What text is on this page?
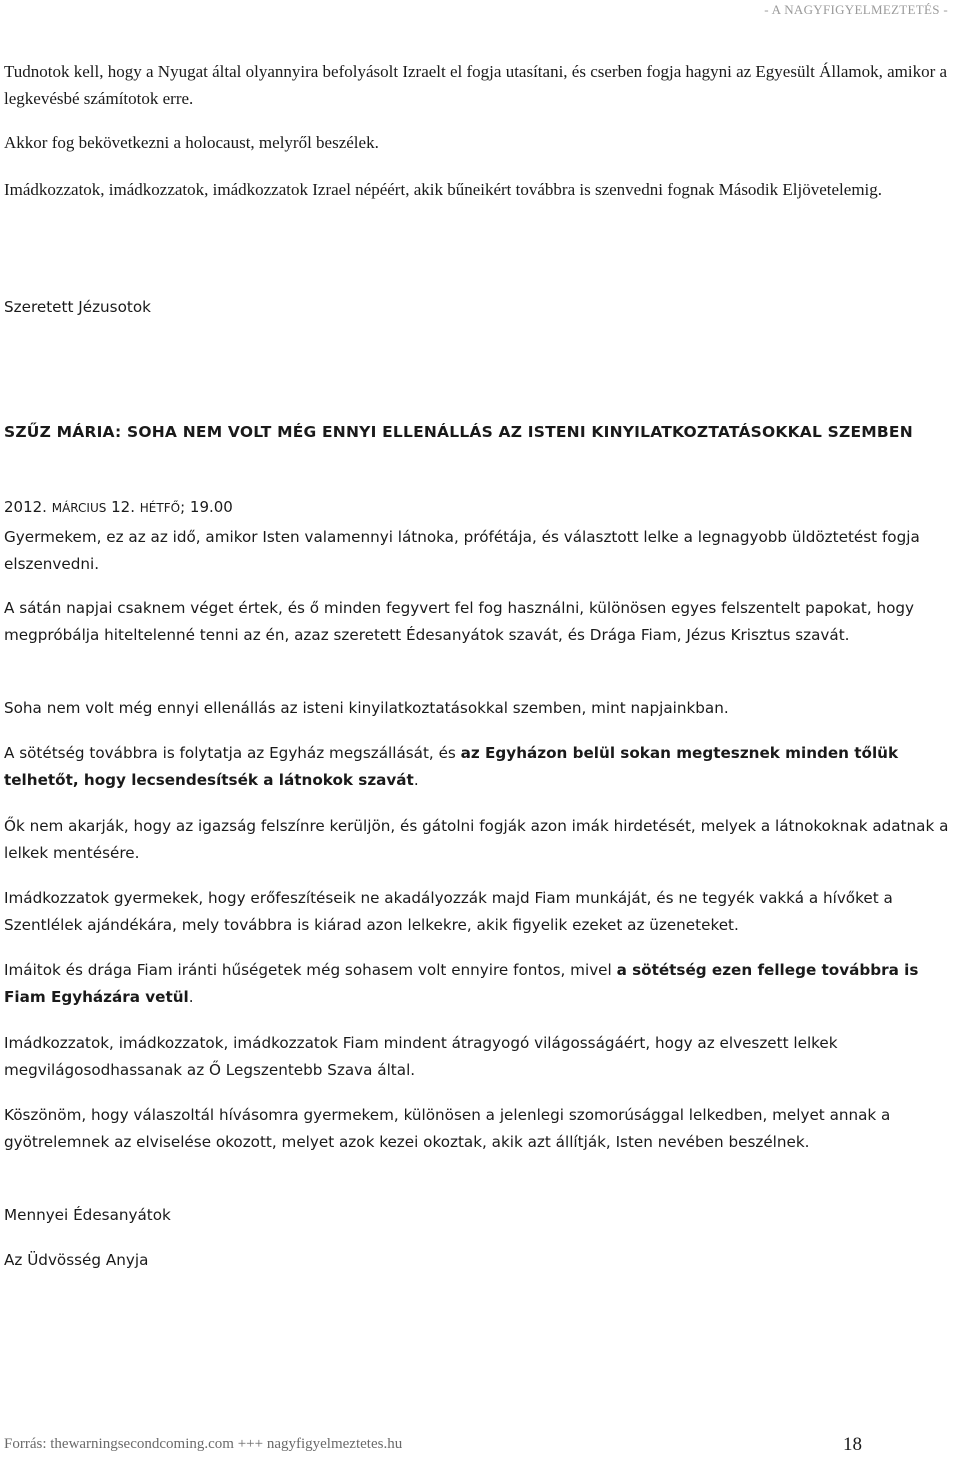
- A NAGYFIGYELMEZTETÉS -

Tudnotok kell, hogy a Nyugat által olyannyira befolyásolt Izraelt el fogja utasítani, és cserben fogja hagyni az Egyesült Államok, amikor a legkevésbé számítotok erre.

Akkor fog bekövetkezni a holocaust, melyről beszélek.

Imádkozzatok, imádkozzatok, imádkozzatok Izrael népéért, akik bűneikért továbbra is szenvedni fognak Második Eljövetelemig.

Szeretett Jézusotok

SZŰZ MÁRIA: SOHA NEM VOLT MÉG ENNYI ELLENÁLLÁS AZ ISTENI KINYILATKOZTATÁSOKKAL SZEMBEN
2012. MÁRCIUS 12. HÉTFŐ; 19.00

Gyermekem, ez az az idő, amikor Isten valamennyi látnoka, prófétája, és választott lelke a legnagyobb üldöztetést fogja elszenvedni.

A sátán napjai csaknem véget értek, és ő minden fegyvert fel fog használni, különösen egyes felszentelt papokat, hogy megpróbálja hiteltelenné tenni az én, azaz szeretett Édesanyátok szavát, és Drága Fiam, Jézus Krisztus szavát.

Soha nem volt még ennyi ellenállás az isteni kinyilatkoztatásokkal szemben, mint napjainkban.

A sötétség továbbra is folytatja az Egyház megszállását, és az Egyházon belül sokan megtesznek minden tőlük telhetőt, hogy lecsendesítsék a látnokok szavát.

Ők nem akarják, hogy az igazság felszínre kerüljön, és gátolni fogják azon imák hirdetését, melyek a látnokoknak adatnak a lelkek mentésére.

Imádkozzatok gyermekek, hogy erőfeszítéseik ne akadályozzák majd Fiam munkáját, és ne tegyék vakká a hívőket a Szentlélek ajándékára, mely továbbra is kiárad azon lelkekre, akik figyelik ezeket az üzeneteket.

Imáitok és drága Fiam iránti hűségetek még sohasem volt ennyire fontos, mivel a sötétség ezen fellege továbbra is Fiam Egyházára vetül.

Imádkozzatok, imádkozzatok, imádkozzatok Fiam mindent átragyogó világosságáért, hogy az elveszett lelkek megvilágosodhassanak az Ő Legszentebb Szava által.

Köszönöm, hogy válaszoltál hívásomra gyermekem, különösen a jelenlegi szomorúsággal lelkedben, melyet annak a gyötrelemnek az elviselése okozott, melyet azok kezei okoztak, akik azt állítják, Isten nevében beszélnek.

Mennyei Édesanyátok

Az Üdvösség Anyja

Forrás: thewarningsecondcoming.com +++ nagyfigyelmeztetes.hu	18
